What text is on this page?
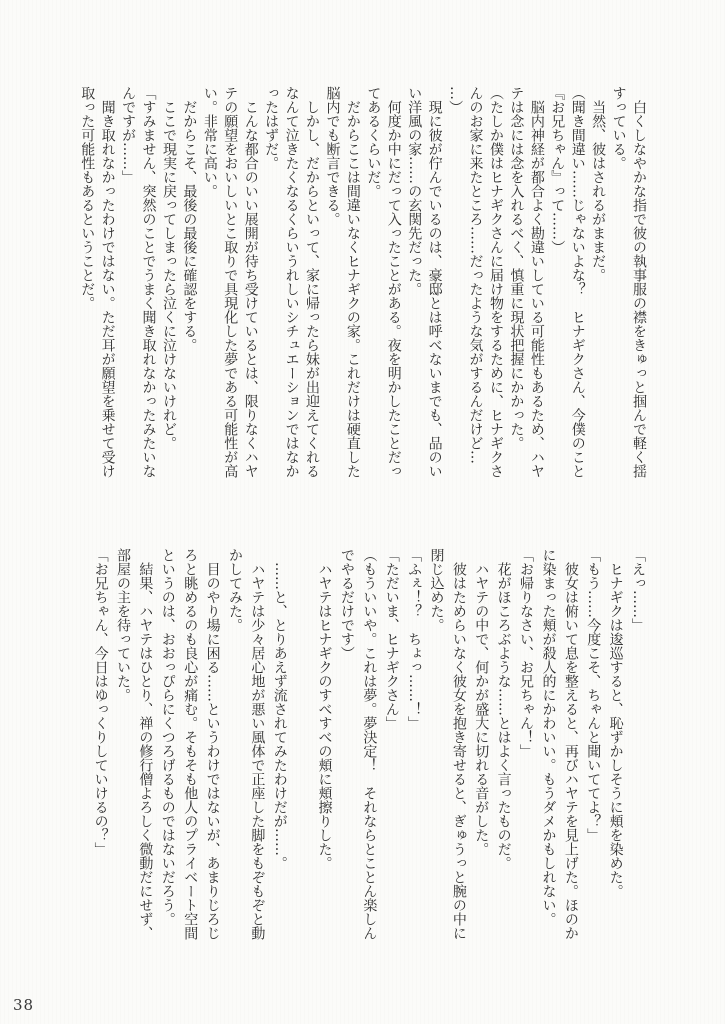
白くしなやかな指で彼の執事服の襟をきゅっと掴んで軽く揺
すっている。
当然、彼はされるがままだ。
（聞き間違い……じゃないよな？　ヒナギクさん、今僕のこと
『お兄ちゃん』って……）
脳内神経が都合よく勘違いしている可能性もあるため、ハヤ
テは念には念を入れるべく、慎重に現状把握にかかった。
（たしか僕はヒナギクさんに届け物をするために、ヒナギクさ
んのお家に来たところ……だったような気がするんだけど…
…）
現に彼が佇んでいるのは、豪邸とは呼べないまでも、品のい
い洋風の家……の玄関先だった。
何度か中にだって入ったことがある。夜を明かしたことだっ
てあるくらいだ。
だからここは間違いなくヒナギクの家。これだけは硬直した
脳内でも断言できる。
しかし、だからといって、家に帰ったら妹が出迎えてくれる
なんて泣きたくなるくらいうれしいシチュエーションではなか
ったはずだ。
こんな都合のいい展開が待ち受けているとは、限りなくハヤ
テの願望をおいしいとこ取りで具現化した夢である可能性が高
い。非常に高い。
だからこそ、最後の最後に確認をする。
ここで現実に戻ってしまったら泣くに泣けないけれど。
「すみません、突然のことでうまく聞き取れなかったみたいな
んですが……」
聞き取れなかったわけではない。ただ耳が願望を乗せて受け
取った可能性もあるということだ。
「えっ……」
ヒナギクは逡巡すると、恥ずかしそうに頬を染めた。
「もう……今度こそ、ちゃんと聞いててよ？」
彼女は俯いて息を整えると、再びハヤテを見上げた。ほのか
に染まった頬が殺人的にかわいい。もうダメかもしれない。
「お帰りなさい、お兄ちゃん！」
花がほころぶような……とはよく言ったものだ。
ハヤテの中で、何かが盛大に切れる音がした。
彼はためらいなく彼女を抱き寄せると、ぎゅうっと腕の中に
閉じ込めた。
「ふぇ！？　ちょっ……！」
「ただいま、ヒナギクさん」
（もういいや。これは夢。夢決定！　それならとことん楽しん
でやるだけです）
ハヤテはヒナギクのすべすべの頬に頬擦りした。
……と、とりあえず流されてみたわけだが……。
ハヤテは少々居心地が悪い風体で正座した脚をもぞもぞと動
かしてみた。
目のやり場に困る……というわけではないが、あまりじろじ
ろと眺めるのも良心が痛む。そもそも他人のプライベート空間
というのは、おおっぴらにくつろげるものではないだろう。
結果、ハヤテはひとり、禅の修行僧よろしく微動だにせず、
部屋の主を待っていた。
「お兄ちゃん、今日はゆっくりしていけるの？」
38
